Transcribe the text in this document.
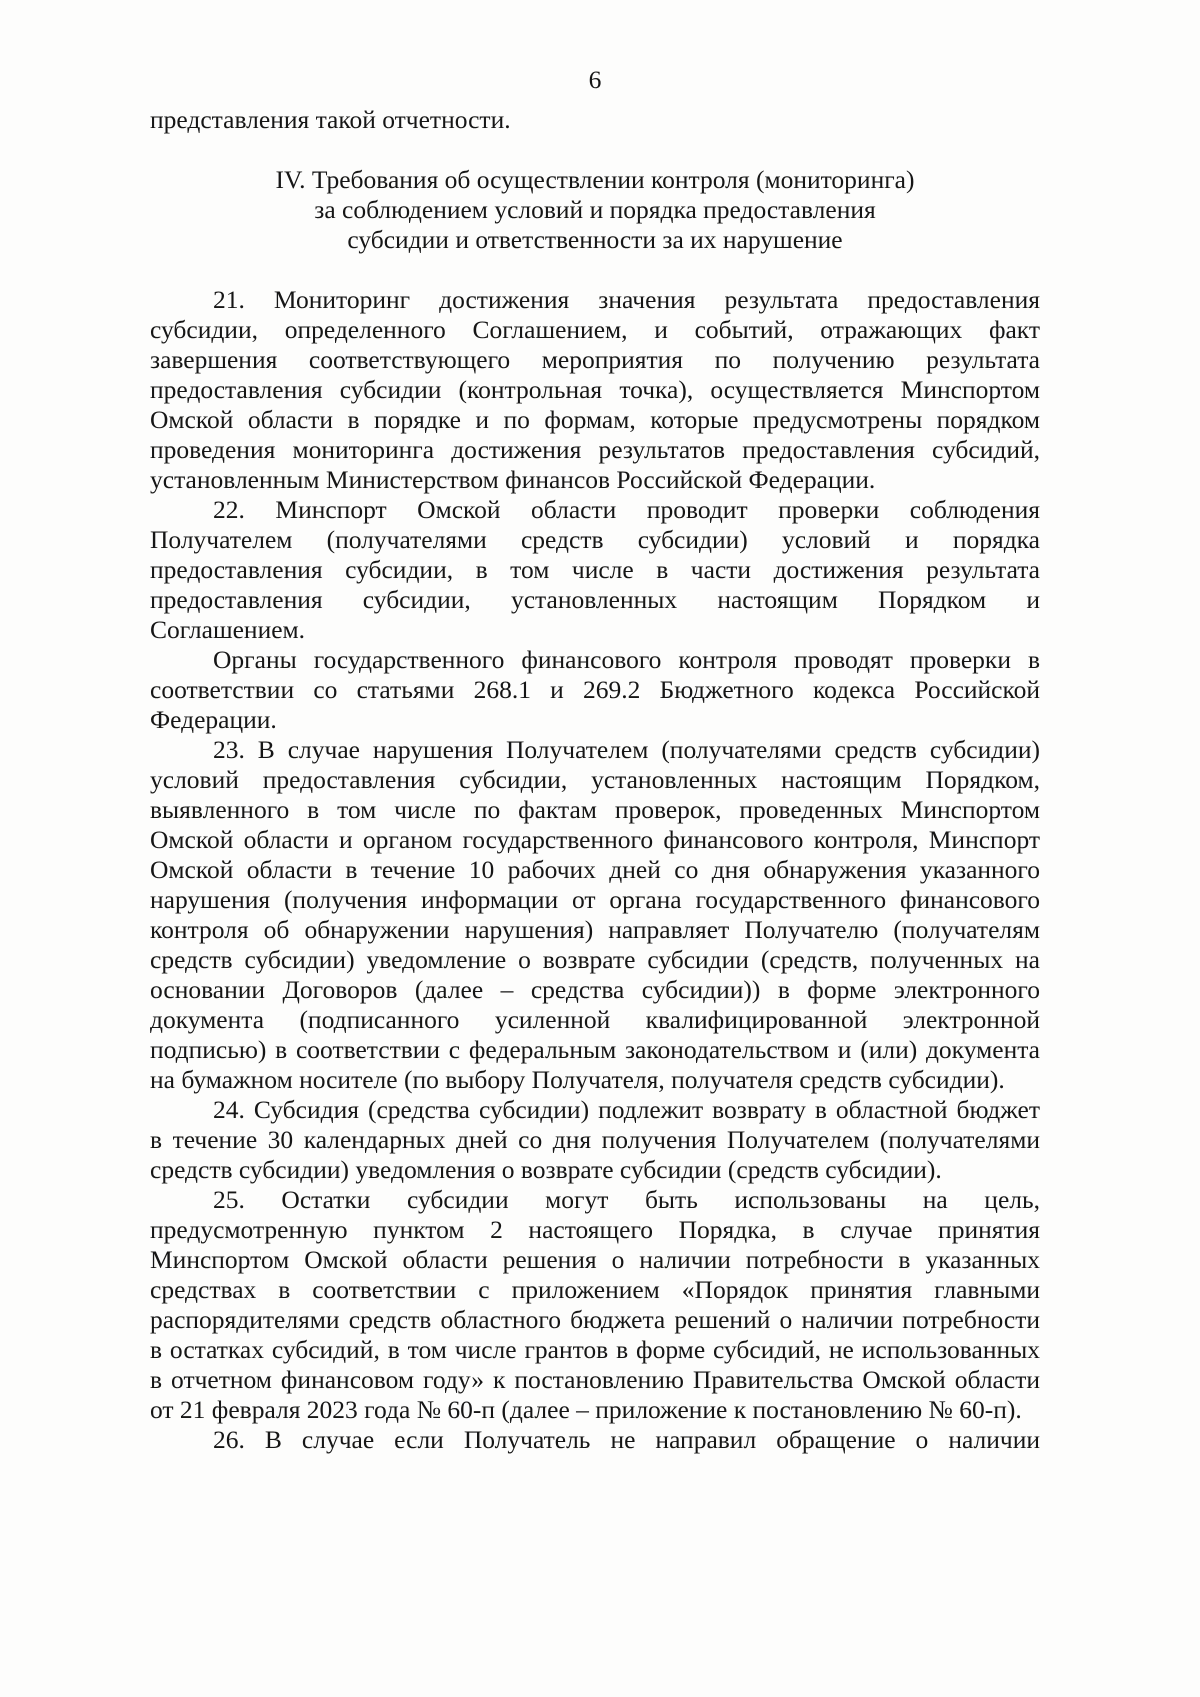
6
представления такой отчетности.
IV. Требования об осуществлении контроля (мониторинга)
за соблюдением условий и порядка предоставления
субсидии и ответственности за их нарушение
21. Мониторинг достижения значения результата предоставления
субсидии, определенного Соглашением, и событий, отражающих факт
завершения соответствующего мероприятия по получению результата
предоставления субсидии (контрольная точка), осуществляется Минспортом
Омской области в порядке и по формам, которые предусмотрены порядком
проведения мониторинга достижения результатов предоставления субсидий,
установленным Министерством финансов Российской Федерации.
22. Минспорт Омской области проводит проверки соблюдения
Получателем (получателями средств субсидии) условий и порядка
предоставления субсидии, в том числе в части достижения результата
предоставления субсидии, установленных настоящим Порядком и
Соглашением.
Органы государственного финансового контроля проводят проверки в
соответствии со статьями 268.1 и 269.2 Бюджетного кодекса Российской
Федерации.
23. В случае нарушения Получателем (получателями средств субсидии)
условий предоставления субсидии, установленных настоящим Порядком,
выявленного в том числе по фактам проверок, проведенных Минспортом
Омской области и органом государственного финансового контроля, Минспорт
Омской области в течение 10 рабочих дней со дня обнаружения указанного
нарушения (получения информации от органа государственного финансового
контроля об обнаружении нарушения) направляет Получателю (получателям
средств субсидии) уведомление о возврате субсидии (средств, полученных на
основании Договоров (далее – средства субсидии)) в форме электронного
документа (подписанного усиленной квалифицированной электронной
подписью) в соответствии с федеральным законодательством и (или) документа
на бумажном носителе (по выбору Получателя, получателя средств субсидии).
24. Субсидия (средства субсидии) подлежит возврату в областной бюджет
в течение 30 календарных дней со дня получения Получателем (получателями
средств субсидии) уведомления о возврате субсидии (средств субсидии).
25. Остатки субсидии могут быть использованы на цель,
предусмотренную пунктом 2 настоящего Порядка, в случае принятия
Минспортом Омской области решения о наличии потребности в указанных
средствах в соответствии с приложением «Порядок принятия главными
распорядителями средств областного бюджета решений о наличии потребности
в остатках субсидий, в том числе грантов в форме субсидий, не использованных
в отчетном финансовом году» к постановлению Правительства Омской области
от 21 февраля 2023 года № 60-п (далее – приложение к постановлению № 60-п).
26. В случае если Получатель не направил обращение о наличии
